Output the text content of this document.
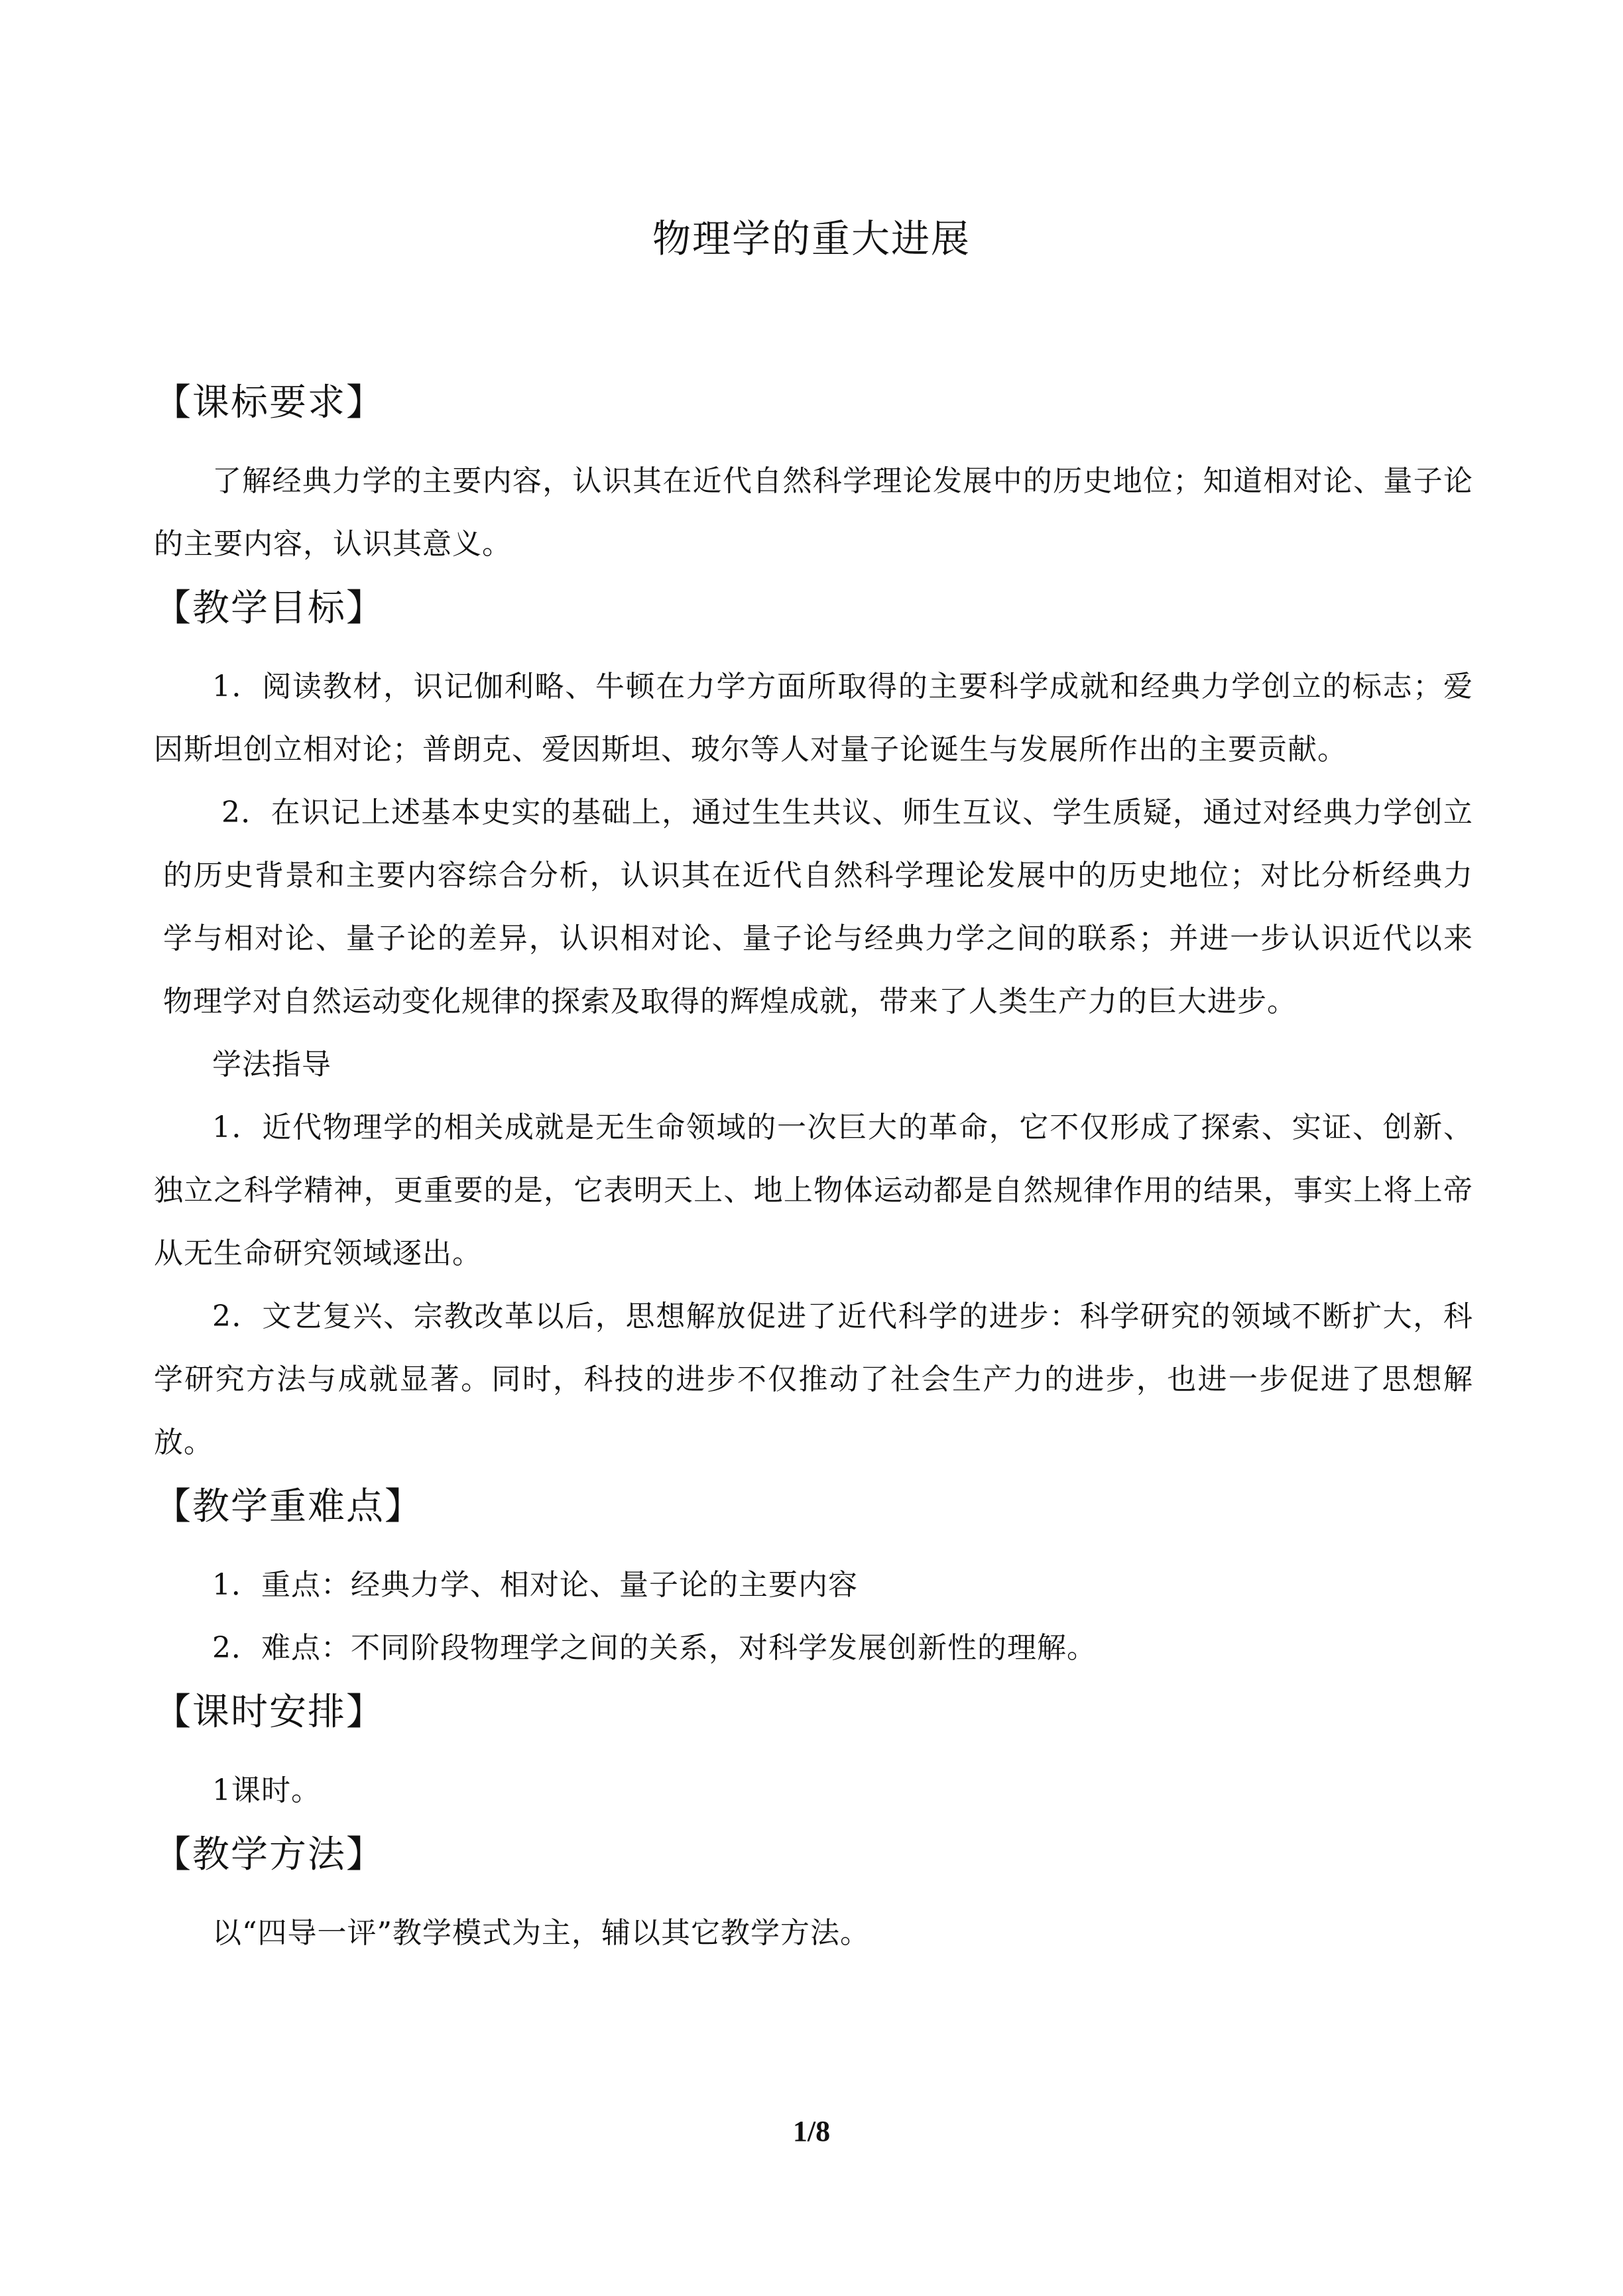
物理学的重大进展

【课标要求】

了解经典力学的主要内容，认识其在近代自然科学理论发展中的历史地位；知道相对论、量子论的主要内容，认识其意义。

【教学目标】

1．阅读教材，识记伽利略、牛顿在力学方面所取得的主要科学成就和经典力学创立的标志；爱因斯坦创立相对论；普朗克、爱因斯坦、玻尔等人对量子论诞生与发展所作出的主要贡献。

2．在识记上述基本史实的基础上，通过生生共议、师生互议、学生质疑，通过对经典力学创立的历史背景和主要内容综合分析，认识其在近代自然科学理论发展中的历史地位；对比分析经典力学与相对论、量子论的差异，认识相对论、量子论与经典力学之间的联系；并进一步认识近代以来物理学对自然运动变化规律的探索及取得的辉煌成就，带来了人类生产力的巨大进步。

学法指导

1．近代物理学的相关成就是无生命领域的一次巨大的革命，它不仅形成了探索、实证、创新、独立之科学精神，更重要的是，它表明天上、地上物体运动都是自然规律作用的结果，事实上将上帝从无生命研究领域逐出。

2．文艺复兴、宗教改革以后，思想解放促进了近代科学的进步：科学研究的领域不断扩大，科学研究方法与成就显著。同时，科技的进步不仅推动了社会生产力的进步，也进一步促进了思想解放。

【教学重难点】

1．重点：经典力学、相对论、量子论的主要内容

2．难点：不同阶段物理学之间的关系，对科学发展创新性的理解。

【课时安排】

1课时。

【教学方法】

以“四导一评”教学模式为主，辅以其它教学方法。

1/8
